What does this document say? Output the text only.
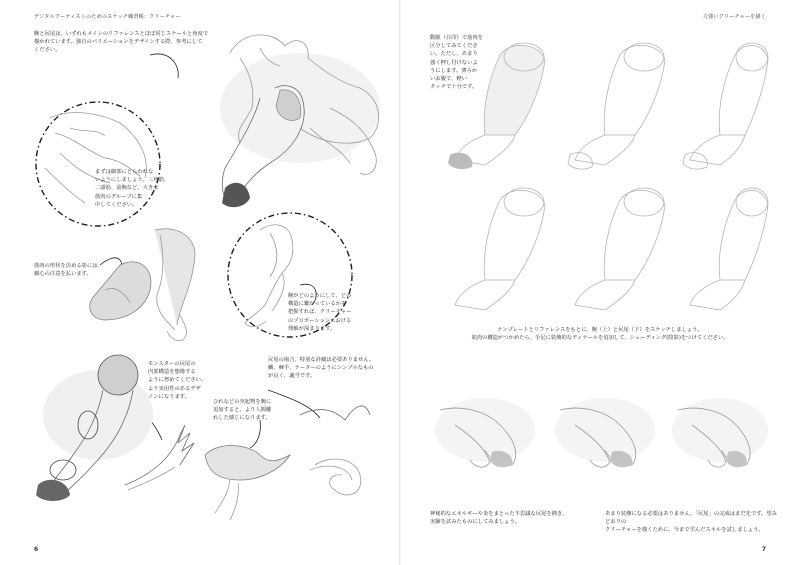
デジタルアーティストのためのスケッチ練習帳：クリーチャー
腕と尻尾は、いずれもメインのリファレンスとほぼ同じスケールと角度で
描かれています。独自のバリエーションをデザインする際、参考にして
ください。
まずは細部にとらわれな
いようにしましょう。三角筋、
二頭筋、前腕など、大きな
筋肉のグループに集
中してください。
筋肉の形状を決める影には、
細心の注意を払います。
腕がどのようにして、どの
構造に繋がっているかを
把握すれば、クリーチャー
のプロポーションにおける
理解が深まります。
モンスターの尻尾の
内部構造を想像する
ように努めてください。
より実用性のあるデザ
インになります。
尻尾の場合、特別な詳細は必要ありません。
鱗、棘手、テーターのようにシンプルなもの
が良く、適当です。
ひれなどの突起物を腕に
追加すると、より人間離
れした感じになります。
6
力強いクリーチャーを描く
動脈（目印）で筋肉を
区分してみてくださ
い。ただし、あまり
強く押し付けないよ
うにします。薄らか
いお腹で、軽い
タッチで十分です。
テンプレートとリファレンスをもとに、腕（上）と尻尾（下）をスケッチしましょう。
筋肉の構造がつかめたら、手足に装飾的なディテールを追加して、シェーディング(陰影)をつけてください。
神秘的なエネルギーや炎をまとった不思議な尻尾を描き、
実験を試みたものにしてみましょう。
あまり装飾になる必要はありません。「尻尾」の完成はまだ先です。望みどおりの
クリーチャーを描くために、今まで学んだスキルを試しましょう。
7
